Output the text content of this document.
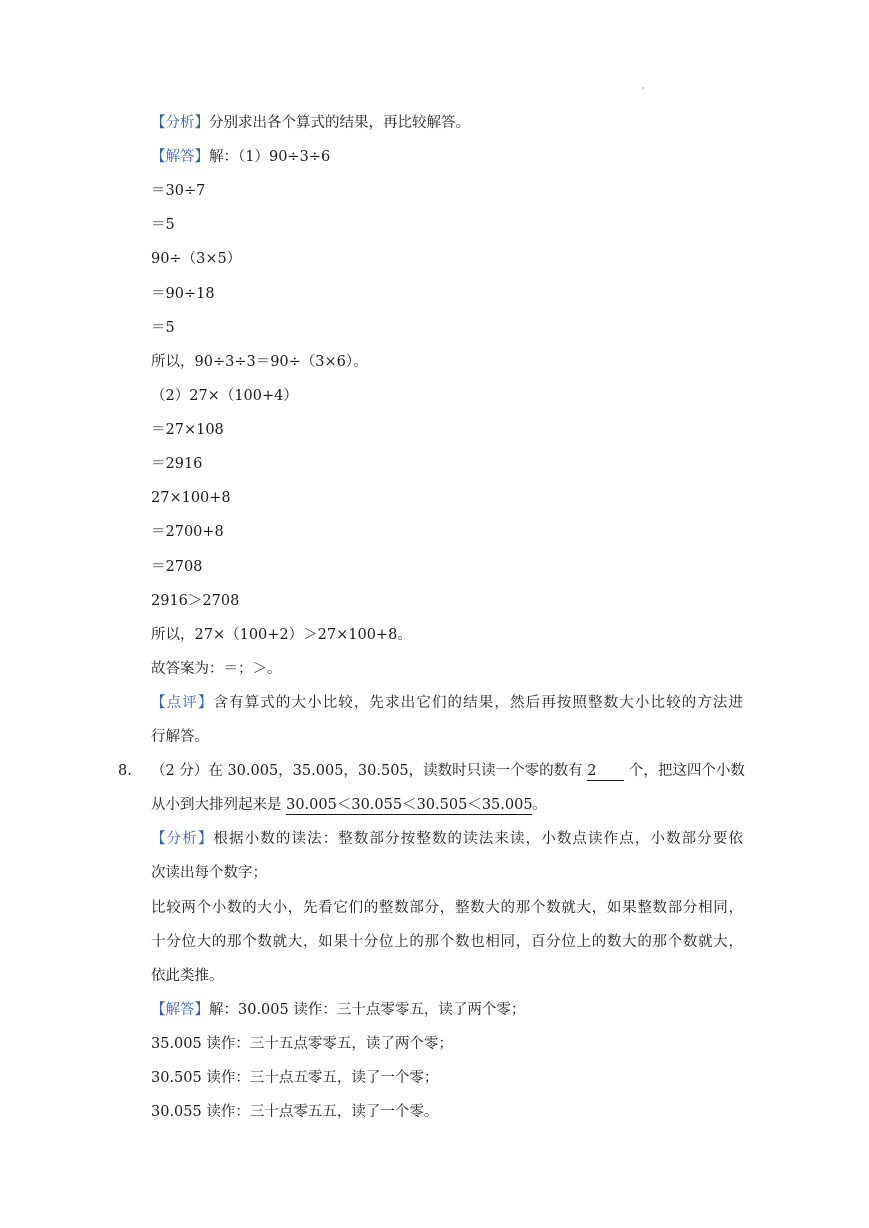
'
【分析】分别求出各个算式的结果，再比较解答。
【解答】解：（1）90÷3÷6
＝30÷7
＝5
90÷（3×5）
＝90÷18
＝5
所以，90÷3÷3＝90÷（3×6）。
（2）27×（100+4）
＝27×108
＝2916
27×100+8
＝2700+8
＝2708
2916＞2708
所以，27×（100+2）＞27×100+8。
故答案为：＝；＞。
【点评】含有算式的大小比较，先求出它们的结果，然后再按照整数大小比较的方法进
行解答。
8. （2 分）在 30.005，35.005，30.505，读数时只读一个零的数有 2 个，把这四个小数
从小到大排列起来是 30.005＜30.055＜30.505＜35.005。
【分析】根据小数的读法：整数部分按整数的读法来读，小数点读作点，小数部分要依
次读出每个数字；
比较两个小数的大小，先看它们的整数部分，整数大的那个数就大，如果整数部分相同，
十分位大的那个数就大，如果十分位上的那个数也相同，百分位上的数大的那个数就大，
依此类推。
【解答】解：30.005 读作：三十点零零五，读了两个零；
35.005 读作：三十五点零零五，读了两个零；
30.505 读作：三十点五零五，读了一个零；
30.055 读作：三十点零五五，读了一个零。
